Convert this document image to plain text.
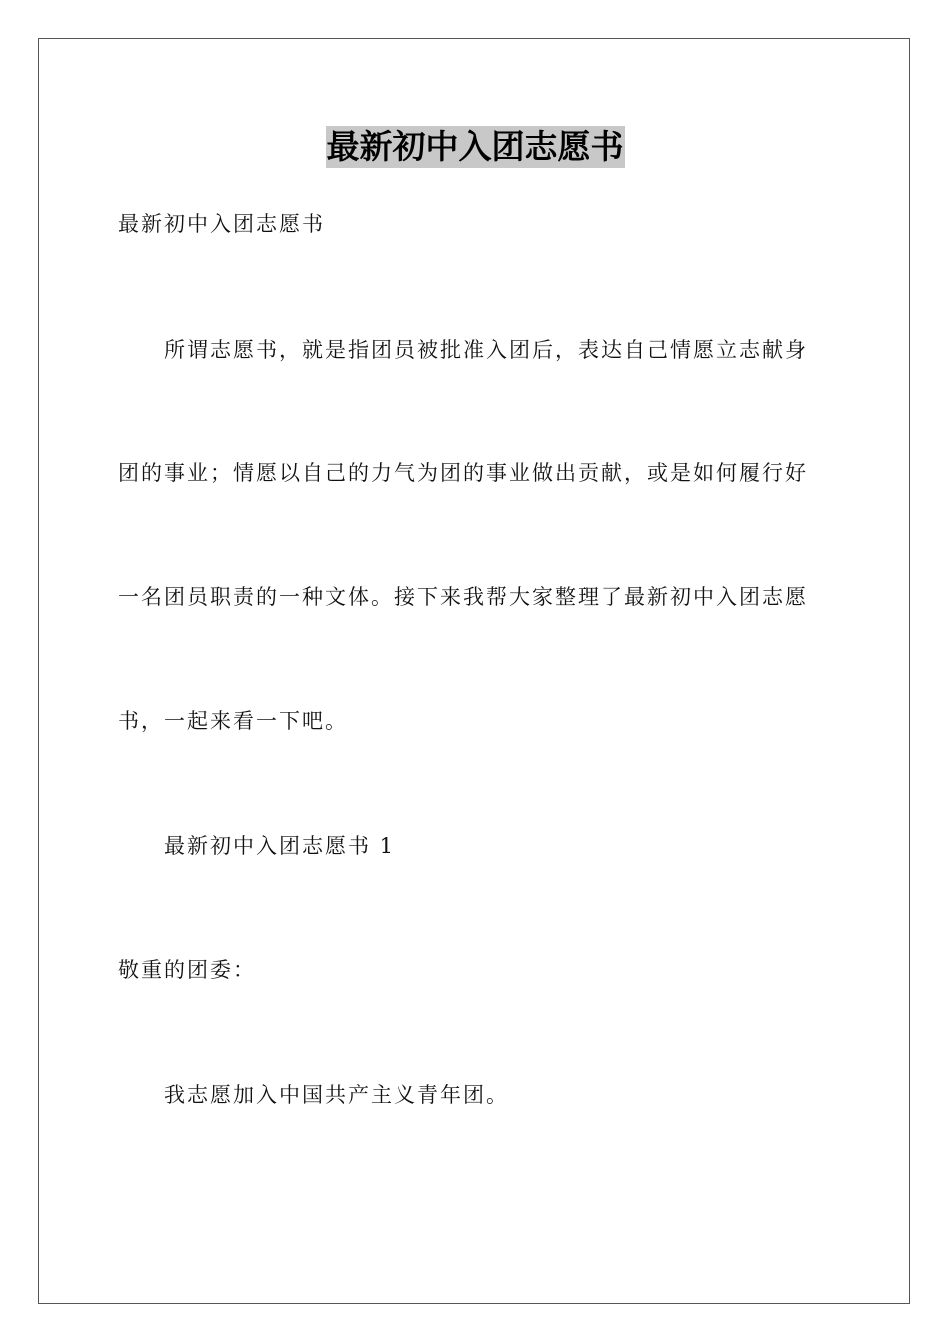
最新初中入团志愿书
最新初中入团志愿书
所谓志愿书，就是指团员被批准入团后，表达自己情愿立志献身
团的事业；情愿以自己的力气为团的事业做出贡献，或是如何履行好
一名团员职责的一种文体。接下来我帮大家整理了最新初中入团志愿
书，一起来看一下吧。
最新初中入团志愿书 1
敬重的团委：
我志愿加入中国共产主义青年团。
